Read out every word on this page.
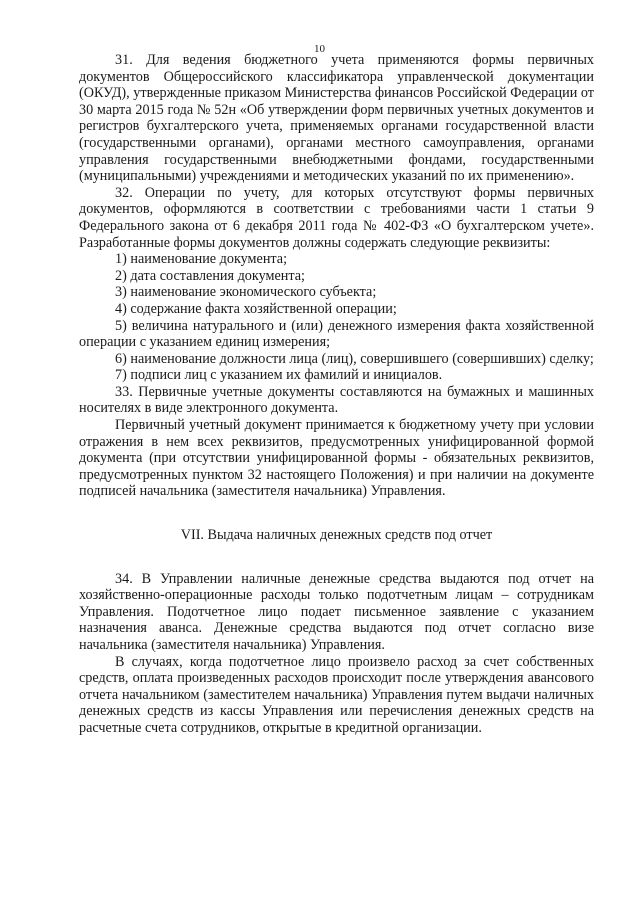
10

31. Для ведения бюджетного учета применяются формы первичных документов Общероссийского классификатора управленческой документации (ОКУД), утвержденные приказом Министерства финансов Российской Федерации от 30 марта 2015 года № 52н «Об утверждении форм первичных учетных документов и регистров бухгалтерского учета, применяемых органами государственной власти (государственными органами), органами местного самоуправления, органами управления государственными внебюджетными фондами, государственными (муниципальными) учреждениями и методических указаний по их применению».

32. Операции по учету, для которых отсутствуют формы первичных документов, оформляются в соответствии с требованиями части 1 статьи 9 Федерального закона от 6 декабря 2011 года № 402-ФЗ «О бухгалтерском учете». Разработанные формы документов должны содержать следующие реквизиты:

1) наименование документа;

2) дата составления документа;

3) наименование экономического субъекта;

4) содержание факта хозяйственной операции;

5) величина натурального и (или) денежного измерения факта хозяйственной операции с указанием единиц измерения;

6) наименование должности лица (лиц), совершившего (совершивших) сделку;

7) подписи лиц с указанием их фамилий и инициалов.

33. Первичные учетные документы составляются на бумажных и машинных носителях в виде электронного документа.

Первичный учетный документ принимается к бюджетному учету при условии отражения в нем всех реквизитов, предусмотренных унифицированной формой документа (при отсутствии унифицированной формы - обязательных реквизитов, предусмотренных пунктом 32 настоящего Положения) и при наличии на документе подписей начальника (заместителя начальника) Управления.

VII. Выдача наличных денежных средств под отчет

34. В Управлении наличные денежные средства выдаются под отчет на хозяйственно-операционные расходы только подотчетным лицам – сотрудникам Управления. Подотчетное лицо подает письменное заявление с указанием назначения аванса. Денежные средства выдаются под отчет согласно визе начальника (заместителя начальника) Управления.

В случаях, когда подотчетное лицо произвело расход за счет собственных средств, оплата произведенных расходов происходит после утверждения авансового отчета начальником (заместителем начальника) Управления путем выдачи наличных денежных средств из кассы Управления или перечисления денежных средств на расчетные счета сотрудников, открытые в кредитной организации.
